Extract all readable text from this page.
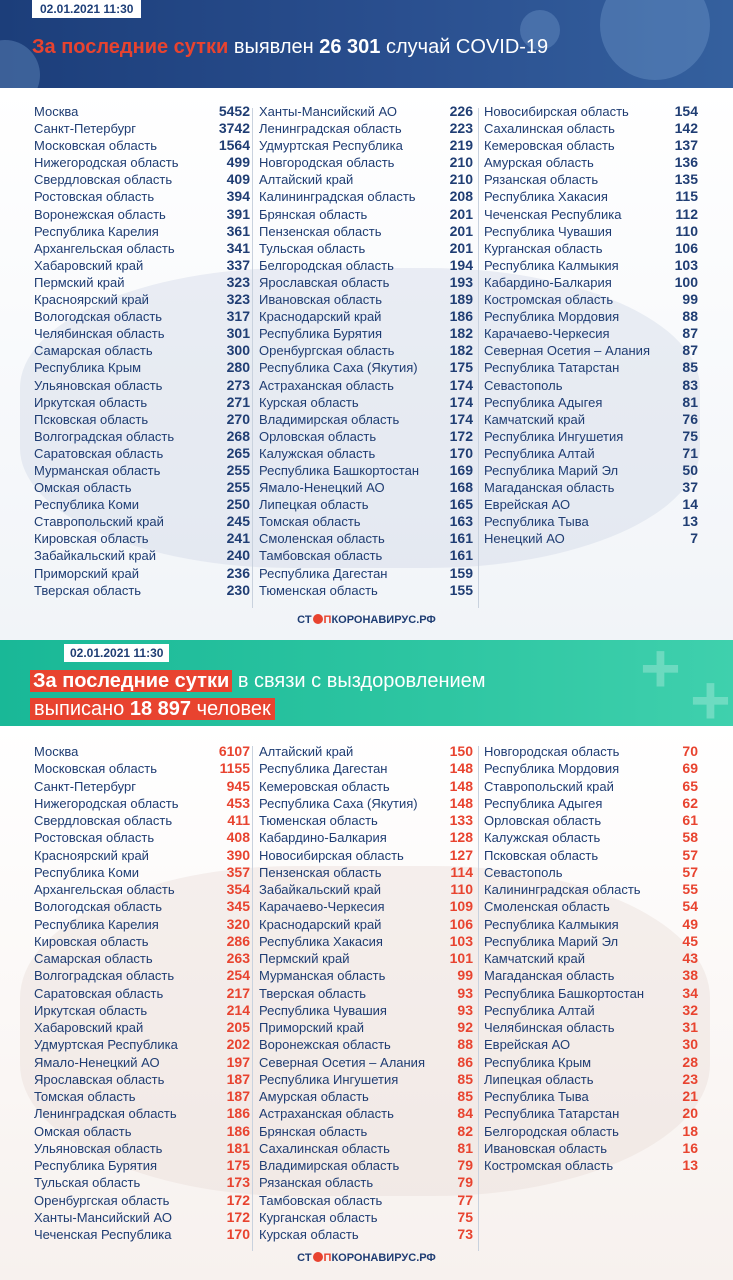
02.01.2021 11:30
За последние сутки выявлен 26 301 случай COVID-19
Москва	5452
Санкт-Петербург	3742
Московская область	1564
Нижегородская область	499
Свердловская область	409
Ростовская область	394
Воронежская область	391
Республика Карелия	361
Архангельская область	341
Хабаровский край	337
Пермский край	323
Красноярский край	323
Вологодская область	317
Челябинская область	301
Самарская область	300
Республика Крым	280
Ульяновская область	273
Иркутская область	271
Псковская область	270
Волгоградская область	268
Саратовская область	265
Мурманская область	255
Омская область	255
Республика Коми	250
Ставропольский край	245
Кировская область	241
Забайкальский край	240
Приморский край	236
Тверская область	230
Ханты-Мансийский АО	226
Ленинградская область	223
Удмуртская Республика	219
Новгородская область	210
Алтайский край	210
Калининградская область 208
Брянская область	201
Пензенская область	201
Тульская область	201
Белгородская область	194
Ярославская область	193
Ивановская область	189
Краснодарский край	186
Республика Бурятия	182
Оренбургская область	182
Республика Саха (Якутия) 175
Астраханская область	174
Курская область	174
Владимирская область	174
Орловская область	172
Калужская область	170
Республика Башкортостан 169
Ямало-Ненецкий АО	168
Липецкая область	165
Томская область	163
Смоленская область	161
Тамбовская область	161
Республика Дагестан	159
Тюменская область	155
Новосибирская область	154
Сахалинская область	142
Кемеровская область	137
Амурская область	136
Рязанская область	135
Республика Хакасия	115
Чеченская Республика	112
Республика Чувашия	110
Курганская область	106
Республика Калмыкия	103
Кабардино-Балкария	100
Костромская область	99
Республика Мордовия	88
Карачаево-Черкесия	87
Северная Осетия – Алания 87
Республика Татарстан	85
Севастополь	83
Республика Адыгея	81
Камчатский край	76
Республика Ингушетия	75
Республика Алтай	71
Республика Марий Эл	50
Магаданская область	37
Еврейская АО	14
Республика Тыва	13
Ненецкий АО	7
СТ ПКОРОНАВИРУС.РФ
+ +
02.01.2021 11:30
За последние сутки в связи с выздоровлением
выписано 18 897 человек
Москва	6107
Московская область	1155
Санкт-Петербург	945
Нижегородская область	453
Свердловская область	411
Ростовская область	408
Красноярский край	390
Республика Коми	357
Архангельская область	354
Вологодская область	345
Республика Карелия	320
Кировская область	286
Самарская область	263
Волгоградская область	254
Саратовская область	217
Иркутская область	214
Хабаровский край	205
Удмуртская Республика	202
Ямало-Ненецкий АО	197
Ярославская область	187
Томская область	187
Ленинградская область	186
Омская область	186
Ульяновская область	181
Республика Бурятия	175
Тульская область	173
Оренбургская область	172
Ханты-Мансийский АО	172
Чеченская Республика	170
Алтайский край	150
Республика Дагестан	148
Кемеровская область	148
Республика Саха (Якутия) 148
Тюменская область	133
Кабардино-Балкария	128
Новосибирская область	127
Пензенская область	114
Забайкальский край	110
Карачаево-Черкесия	109
Краснодарский край	106
Республика Хакасия	103
Пермский край	101
Мурманская область	99
Тверская область	93
Республика Чувашия	93
Приморский край	92
Воронежская область	88
Северная Осетия – Алания 86
Республика Ингушетия	85
Амурская область	85
Астраханская область	84
Брянская область	82
Сахалинская область	81
Владимирская область	79
Рязанская область	79
Тамбовская область	77
Курганская область	75
Курская область	73
Новгородская область	70
Республика Мордовия	69
Ставропольский край	65
Республика Адыгея	62
Орловская область	61
Калужская область	58
Псковская область	57
Севастополь	57
Калининградская область	55
Смоленская область	54
Республика Калмыкия	49
Республика Марий Эл	45
Камчатский край	43
Магаданская область	38
Республика Башкортостан	34
Республика Алтай	32
Челябинская область	31
Еврейская АО	30
Республика Крым	28
Липецкая область	23
Республика Тыва	21
Республика Татарстан	20
Белгородская область	18
Ивановская область	16
Костромская область	13
СТ ПКОРОНАВИРУС.РФ
